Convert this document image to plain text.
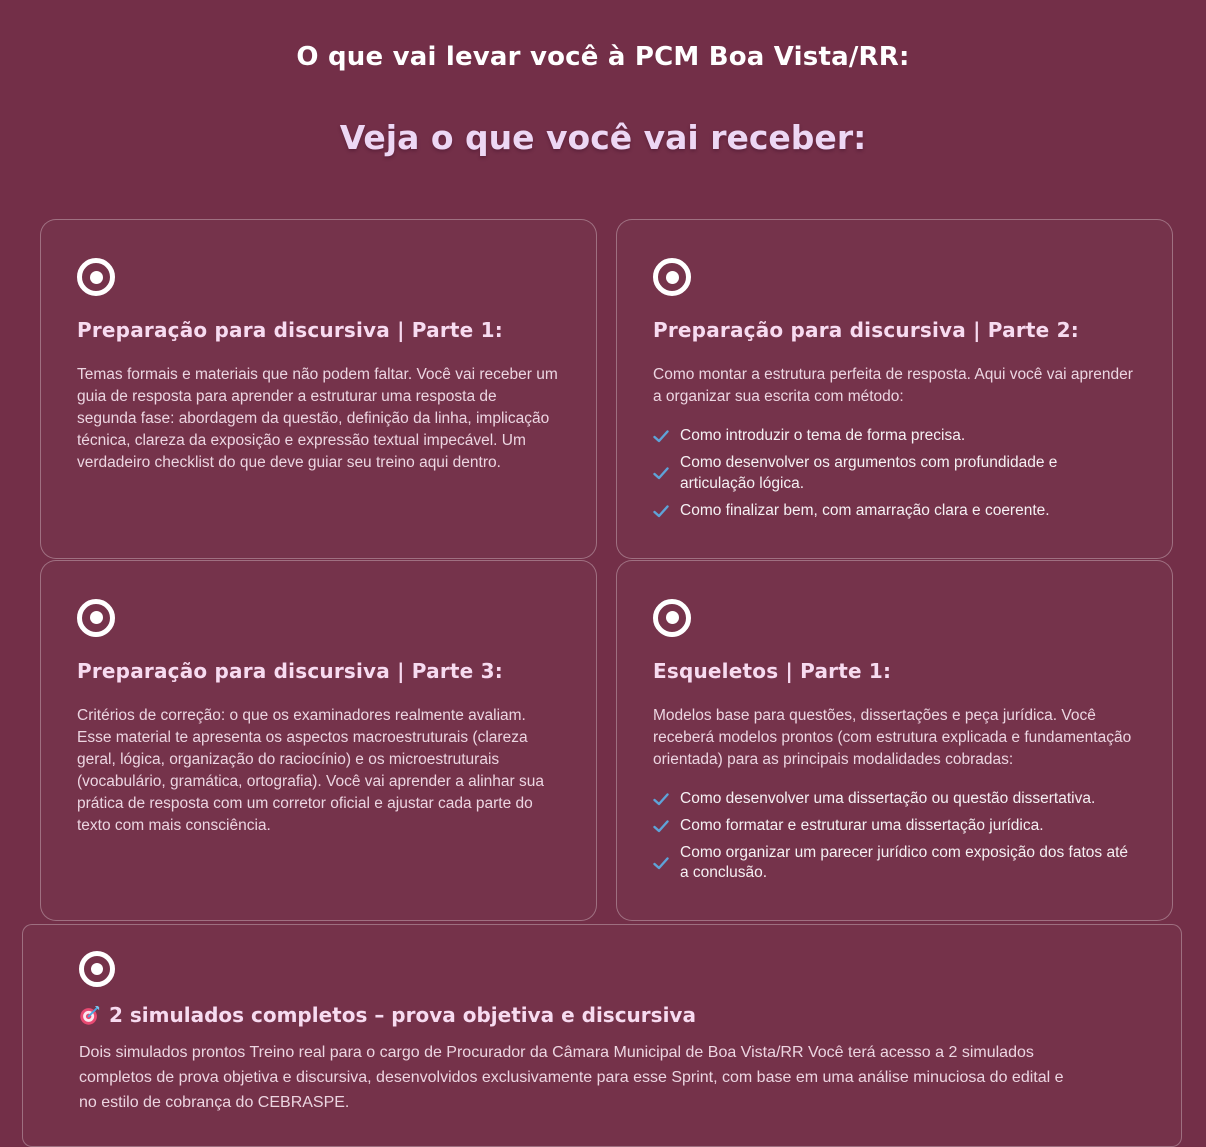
O que vai levar você à PCM Boa Vista/RR:
Veja o que você vai receber:
Preparação para discursiva | Parte 1:

Temas formais e materiais que não podem faltar. Você vai receber um guia de resposta para aprender a estruturar uma resposta de segunda fase: abordagem da questão, definição da linha, implicação técnica, clareza da exposição e expressão textual impecável. Um verdadeiro checklist do que deve guiar seu treino aqui dentro.

Preparação para discursiva | Parte 2:

Como montar a estrutura perfeita de resposta. Aqui você vai aprender a organizar sua escrita com método:

Como introduzir o tema de forma precisa.
Como desenvolver os argumentos com profundidade e articulação lógica.
Como finalizar bem, com amarração clara e coerente.
Preparação para discursiva | Parte 3:

Critérios de correção: o que os examinadores realmente avaliam. Esse material te apresenta os aspectos macroestruturais (clareza geral, lógica, organização do raciocínio) e os microestruturais (vocabulário, gramática, ortografia). Você vai aprender a alinhar sua prática de resposta com um corretor oficial e ajustar cada parte do texto com mais consciência.

Esqueletos | Parte 1:

Modelos base para questões, dissertações e peça jurídica. Você receberá modelos prontos (com estrutura explicada e fundamentação orientada) para as principais modalidades cobradas:

Como desenvolver uma dissertação ou questão dissertativa.
Como formatar e estruturar uma dissertação jurídica.
Como organizar um parecer jurídico com exposição dos fatos até a conclusão.
2 simulados completos – prova objetiva e discursiva

Dois simulados prontos Treino real para o cargo de Procurador da Câmara Municipal de Boa Vista/RR Você terá acesso a 2 simulados completos de prova objetiva e discursiva, desenvolvidos exclusivamente para esse Sprint, com base em uma análise minuciosa do edital e no estilo de cobrança do CEBRASPE.
